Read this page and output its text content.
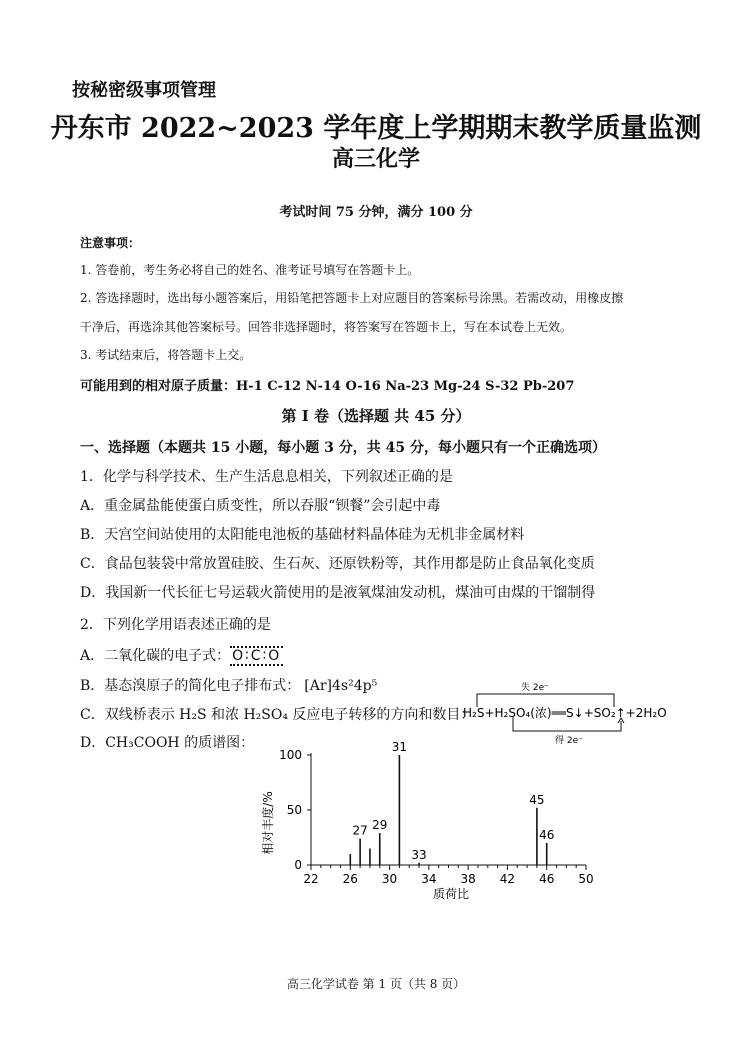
按秘密级事项管理
丹东市 2022~2023 学年度上学期期末教学质量监测
高三化学
考试时间 75 分钟，满分 100 分
注意事项：
1. 答卷前，考生务必将自己的姓名、准考证号填写在答题卡上。
2. 答选择题时，选出每小题答案后，用铅笔把答题卡上对应题目的答案标号涂黑。若需改动，用橡皮擦
干净后，再选涂其他答案标号。回答非选择题时，将答案写在答题卡上，写在本试卷上无效。
3. 考试结束后，将答题卡上交。
可能用到的相对原子质量：H-1 C-12 N-14 O-16 Na-23 Mg-24 S-32 Pb-207
第 Ⅰ 卷（选择题 共 45 分）
一、选择题（本题共 15 小题，每小题 3 分，共 45 分，每小题只有一个正确选项）
1．化学与科学技术、生产生活息息相关，下列叙述正确的是
A．重金属盐能使蛋白质变性，所以吞服“钡餐”会引起中毒
B．天宫空间站使用的太阳能电池板的基础材料晶体硅为无机非金属材料
C．食品包装袋中常放置硅胶、生石灰、还原铁粉等，其作用都是防止食品氧化变质
D．我国新一代长征七号运载火箭使用的是液氧煤油发动机，煤油可由煤的干馏制得
2．下列化学用语表述正确的是
A．二氧化碳的电子式： O∶C∶O
B．基态溴原子的简化电子排布式： [Ar]4s²4p⁵
C．双线桥表示 H₂S 和浓 H₂SO₄ 反应电子转移的方向和数目：
失 2e⁻
得 2e⁻
H₂S+H₂SO₄(浓)══S↓+SO₂↑+2H₂O
D．CH₃COOH 的质谱图：
22 26 30 34 38 42 46 50
0
50
100
27 29
31
33
45
46
相对丰度/%
质荷比
高三化学试卷 第 1 页（共 8 页）
